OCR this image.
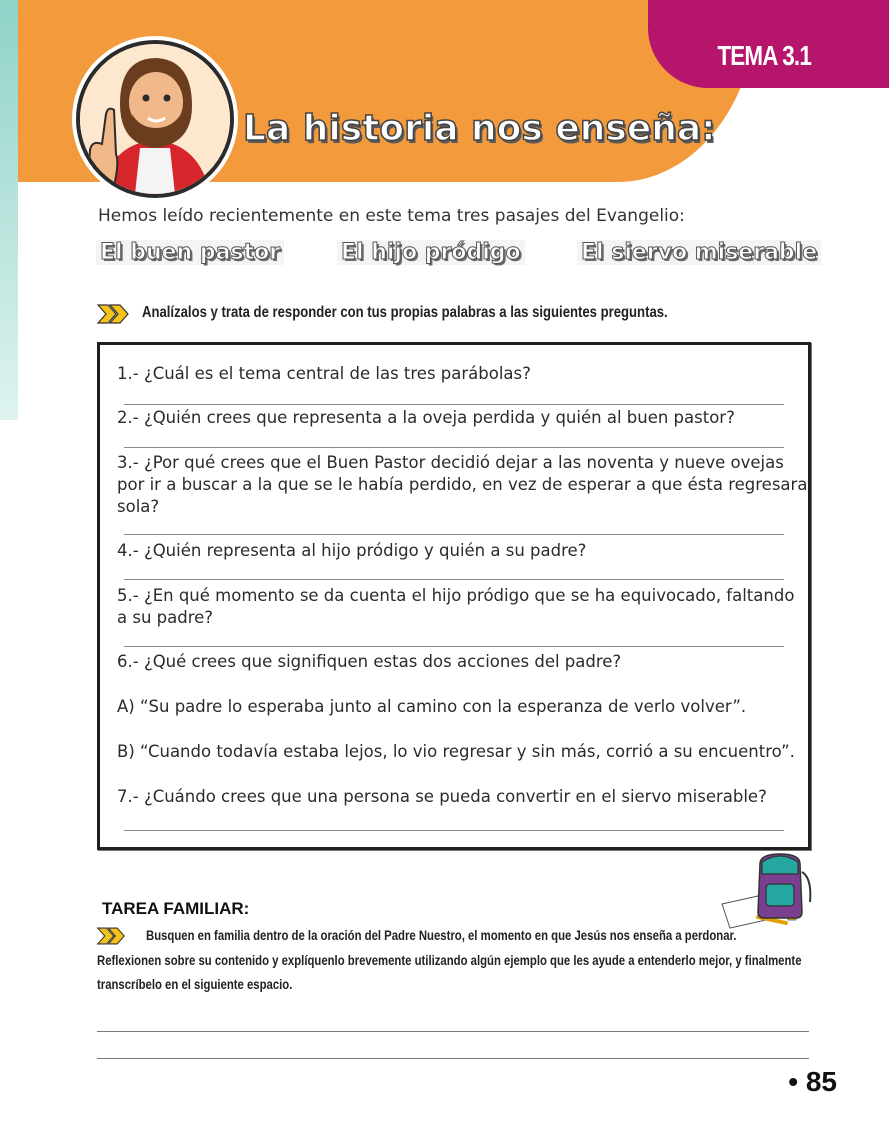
TEMA 3.1
La historia nos enseña:
Hemos leído recientemente en este tema tres pasajes del Evangelio:
El buen pastor	El hijo pródigo	El siervo miserable
Analízalos y trata de responder con tus propias palabras a las siguientes preguntas.
1.- ¿Cuál es el tema central de las tres parábolas?
2.- ¿Quién crees que representa a la oveja perdida y quién al buen pastor?
3.- ¿Por qué crees que el Buen Pastor decidió dejar a las noventa y nueve ovejas
por ir a buscar a la que se le había perdido, en vez de esperar a que ésta regresara
sola?
4.- ¿Quién representa al hijo pródigo y quién a su padre?
5.- ¿En qué momento se da cuenta el hijo pródigo que se ha equivocado, faltando
a su padre?
6.- ¿Qué crees que signifiquen estas dos acciones del padre?
A) “Su padre lo esperaba junto al camino con la esperanza de verlo volver”.
B) “Cuando todavía estaba lejos, lo vio regresar y sin más, corrió a su encuentro”.
7.- ¿Cuándo crees que una persona se pueda convertir en el siervo miserable?
TAREA FAMILIAR:
Busquen en familia dentro de la oración del Padre Nuestro, el momento en que Jesús nos enseña a perdonar.
Reflexionen sobre su contenido y explíquenlo brevemente utilizando algún ejemplo que les ayude a entenderlo mejor, y finalmente
transcríbelo en el siguiente espacio.
• 85
